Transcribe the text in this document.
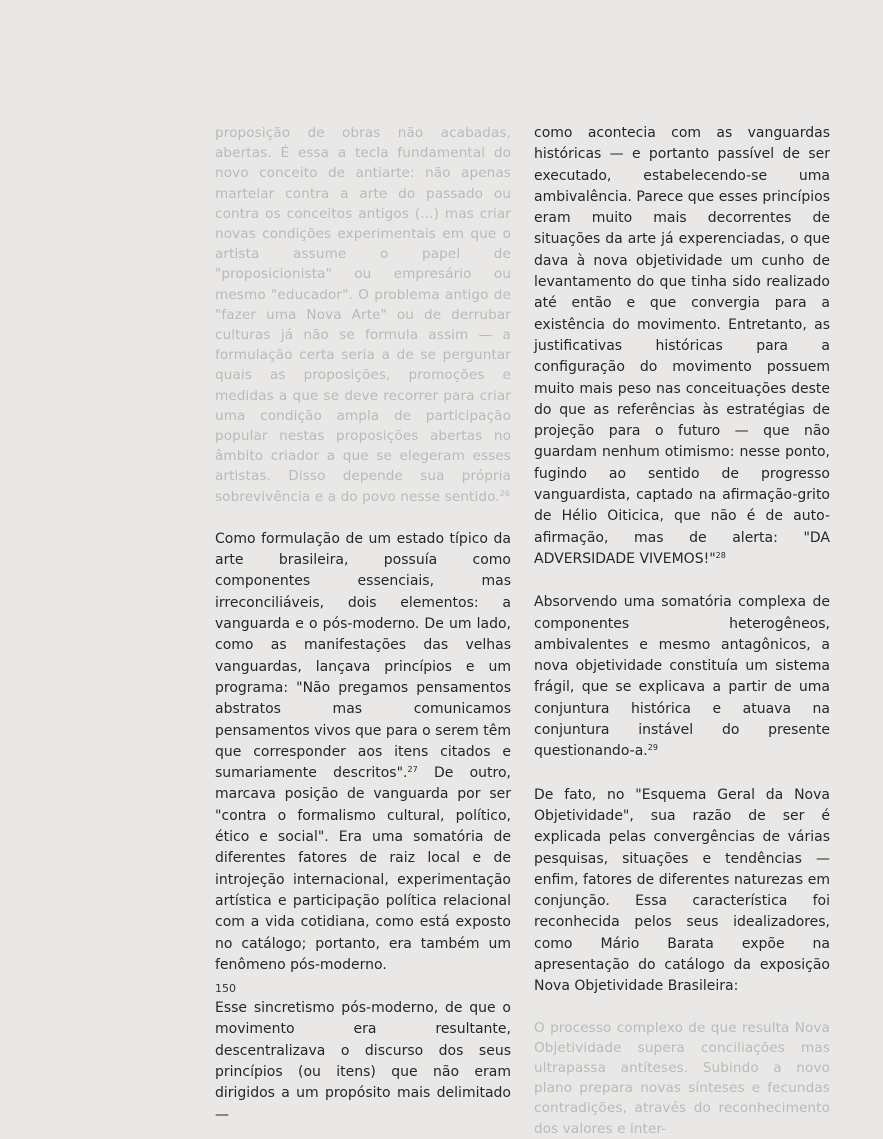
proposição de obras não acabadas, abertas. É essa a tecla fundamental do novo conceito de antiarte: não apenas martelar contra a arte do passado ou contra os conceitos antigos (...) mas criar novas condições experimentais em que o artista assume o papel de "proposicionista" ou empresário ou mesmo "educador". O problema antigo de "fazer uma Nova Arte" ou de derrubar culturas já não se formula assim — a formulação certa seria a de se perguntar quais as proposições, promoções e medidas a que se deve recorrer para criar uma condição ampla de participação popular nestas proposições abertas no âmbito criador a que se elegeram esses artistas. Disso depende sua própria sobrevivência e a do povo nesse sentido.$^{26}$

Como formulação de um estado típico da arte brasileira, possuía como componentes essenciais, mas irreconciliáveis, dois elementos: a vanguarda e o pós-moderno. De um lado, como as manifestações das velhas vanguardas, lançava princípios e um programa: "Não pregamos pensamentos abstratos mas comunicamos pensamentos vivos que para o serem têm que corresponder aos itens citados e sumariamente descritos".$^{27}$ De outro, marcava posição de vanguarda por ser "contra o formalismo cultural, político, ético e social". Era uma somatória de diferentes fatores de raiz local e de introjeção internacional, experimentação artística e participação política relacional com a vida cotidiana, como está exposto no catálogo; portanto, era também um fenômeno pós-moderno.

Esse sincretismo pós-moderno, de que o movimento era resultante, descentralizava o discurso dos seus princípios (ou itens) que não eram dirigidos a um propósito mais delimitado —

como acontecia com as vanguardas históricas — e portanto passível de ser executado, estabelecendo-se uma ambivalência. Parece que esses princípios eram muito mais decorrentes de situações da arte já experenciadas, o que dava à nova objetividade um cunho de levantamento do que tinha sido realizado até então e que convergia para a existência do movimento. Entretanto, as justificativas históricas para a configuração do movimento possuem muito mais peso nas conceituações deste do que as referências às estratégias de projeção para o futuro — que não guardam nenhum otimismo: nesse ponto, fugindo ao sentido de progresso vanguardista, captado na afirmação-grito de Hélio Oiticica, que não é de auto-afirmação, mas de alerta: "DA ADVERSIDADE VIVEMOS!"$^{28}$

Absorvendo uma somatória complexa de componentes heterogêneos, ambivalentes e mesmo antagônicos, a nova objetividade constituía um sistema frágil, que se explicava a partir de uma conjuntura histórica e atuava na conjuntura instável do presente questionando-a.$^{29}$

De fato, no "Esquema Geral da Nova Objetividade", sua razão de ser é explicada pelas convergências de várias pesquisas, situações e tendências — enfim, fatores de diferentes naturezas em conjunção. Essa característica foi reconhecida pelos seus idealizadores, como Mário Barata expõe na apresentação do catálogo da exposição Nova Objetividade Brasileira:

O processo complexo de que resulta Nova Objetividade supera conciliações mas ultrapassa antíteses. Subindo a novo plano prepara novas sínteses e fecundas contradições, através do reconhecimento dos valores e inter-

150
